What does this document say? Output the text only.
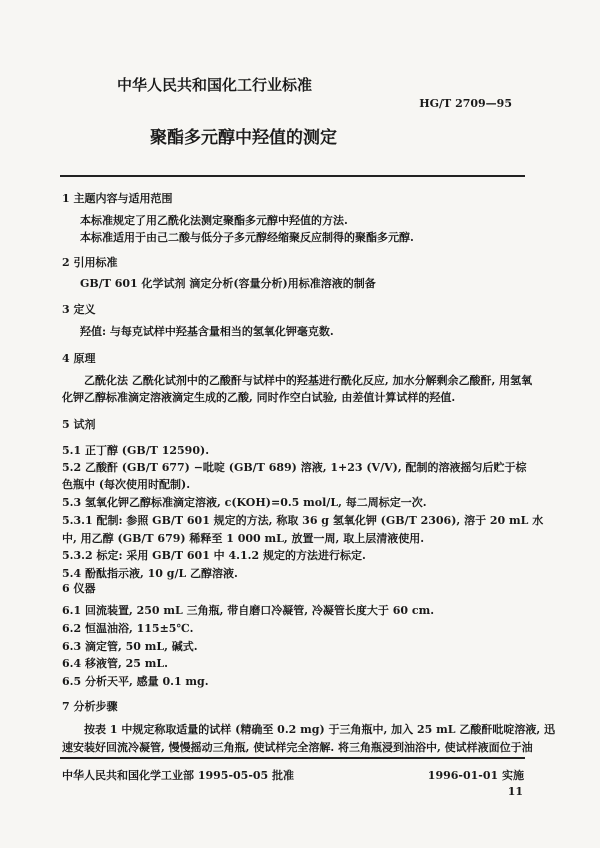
中华人民共和国化工行业标准
HG/T 2709—95
聚酯多元醇中羟值的测定
1 主题内容与适用范围
本标准规定了用乙酰化法测定聚酯多元醇中羟值的方法.
本标准适用于由己二酸与低分子多元醇经缩聚反应制得的聚酯多元醇.
2 引用标准
GB/T 601 化学试剂 滴定分析(容量分析)用标准溶液的制备
3 定义
羟值: 与每克试样中羟基含量相当的氢氧化钾毫克数.
4 原理
乙酰化法 乙酰化试剂中的乙酸酐与试样中的羟基进行酰化反应, 加水分解剩余乙酸酐, 用氢氧
化钾乙醇标准滴定溶液滴定生成的乙酸, 同时作空白试验, 由差值计算试样的羟值.
5 试剂
5.1 正丁醇 (GB/T 12590).
5.2 乙酸酐 (GB/T 677) −吡啶 (GB/T 689) 溶液, 1+23 (V/V), 配制的溶液摇匀后贮于棕
色瓶中 (每次使用时配制).
5.3 氢氧化钾乙醇标准滴定溶液, c(KOH)=0.5 mol/L, 每二周标定一次.
5.3.1 配制: 参照 GB/T 601 规定的方法, 称取 36 g 氢氧化钾 (GB/T 2306), 溶于 20 mL 水
中, 用乙醇 (GB/T 679) 稀释至 1 000 mL, 放置一周, 取上层清液使用.
5.3.2 标定: 采用 GB/T 601 中 4.1.2 规定的方法进行标定.
5.4 酚酞指示液, 10 g/L 乙醇溶液.
6 仪器
6.1 回流装置, 250 mL 三角瓶, 带自磨口冷凝管, 冷凝管长度大于 60 cm.
6.2 恒温油浴, 115±5℃.
6.3 滴定管, 50 mL, 碱式.
6.4 移液管, 25 mL.
6.5 分析天平, 感量 0.1 mg.
7 分析步骤
按表 1 中规定称取适量的试样 (精确至 0.2 mg) 于三角瓶中, 加入 25 mL 乙酸酐吡啶溶液, 迅
速安装好回流冷凝管, 慢慢摇动三角瓶, 使试样完全溶解. 将三角瓶浸到油浴中, 使试样液面位于油
中华人民共和国化学工业部 1995-05-05 批准	1996-01-01 实施
11
